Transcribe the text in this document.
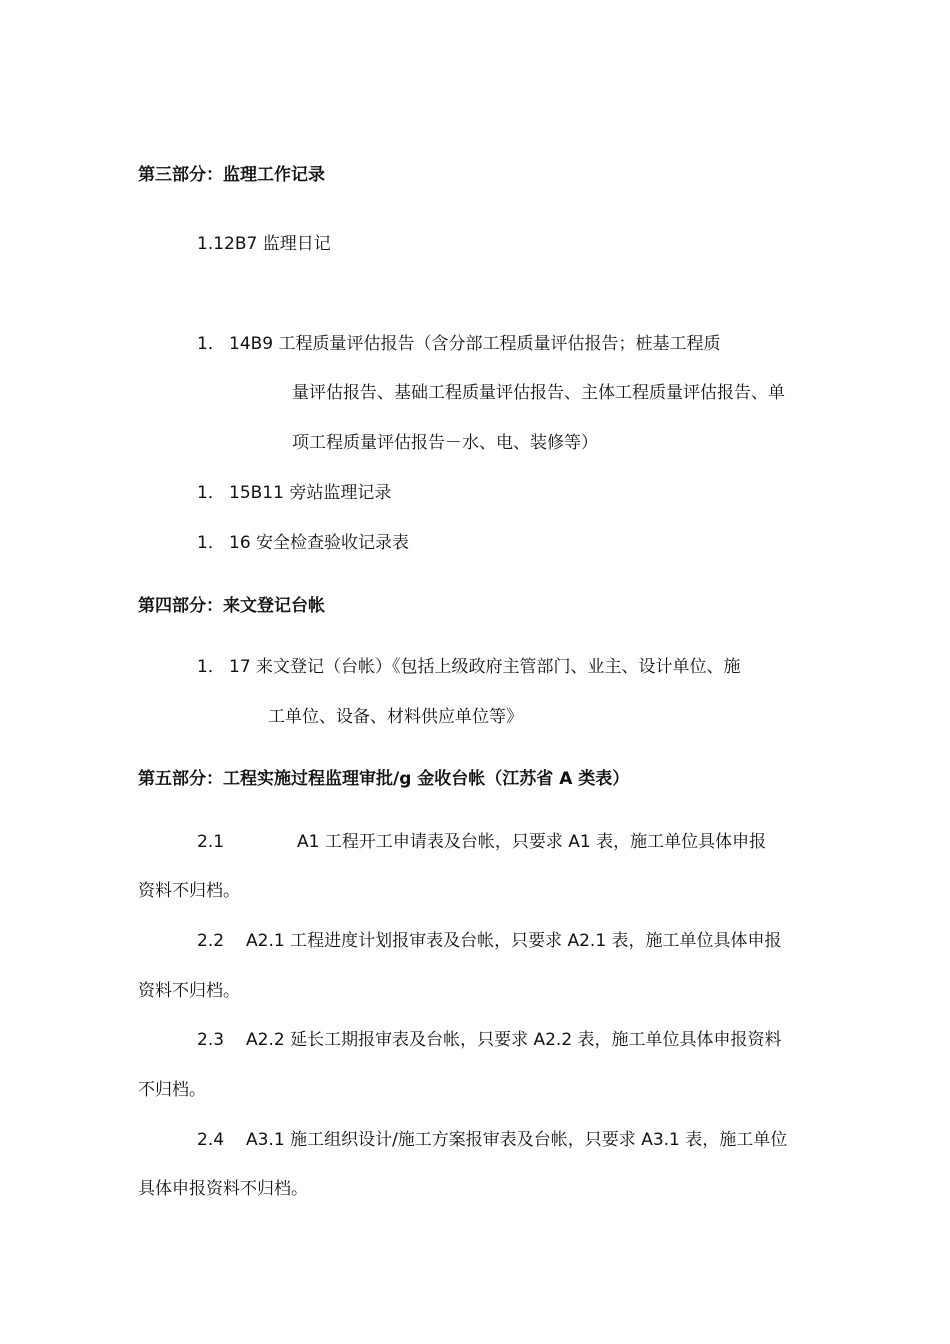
第三部分：监理工作记录
1.12B7 监理日记
1． 14B9 工程质量评估报告（含分部工程质量评估报告；桩基工程质
量评估报告、基础工程质量评估报告、主体工程质量评估报告、单
项工程质量评估报告－水、电、装修等）
1． 15B11 旁站监理记录
1． 16 安全检查验收记录表
第四部分：来文登记台帐
1． 17 来文登记（台帐）《包括上级政府主管部门、业主、设计单位、施
工单位、设备、材料供应单位等》
第五部分：工程实施过程监理审批/g 金收台帐（江苏省 A 类表）
2.1	A1 工程开工申请表及台帐，只要求 A1 表，施工单位具体申报
资料不归档。
2.2 A2.1 工程进度计划报审表及台帐，只要求 A2.1 表，施工单位具体申报
资料不归档。
2.3 A2.2 延长工期报审表及台帐，只要求 A2.2 表，施工单位具体申报资料
不归档。
2.4 A3.1 施工组织设计/施工方案报审表及台帐，只要求 A3.1 表，施工单位
具体申报资料不归档。
